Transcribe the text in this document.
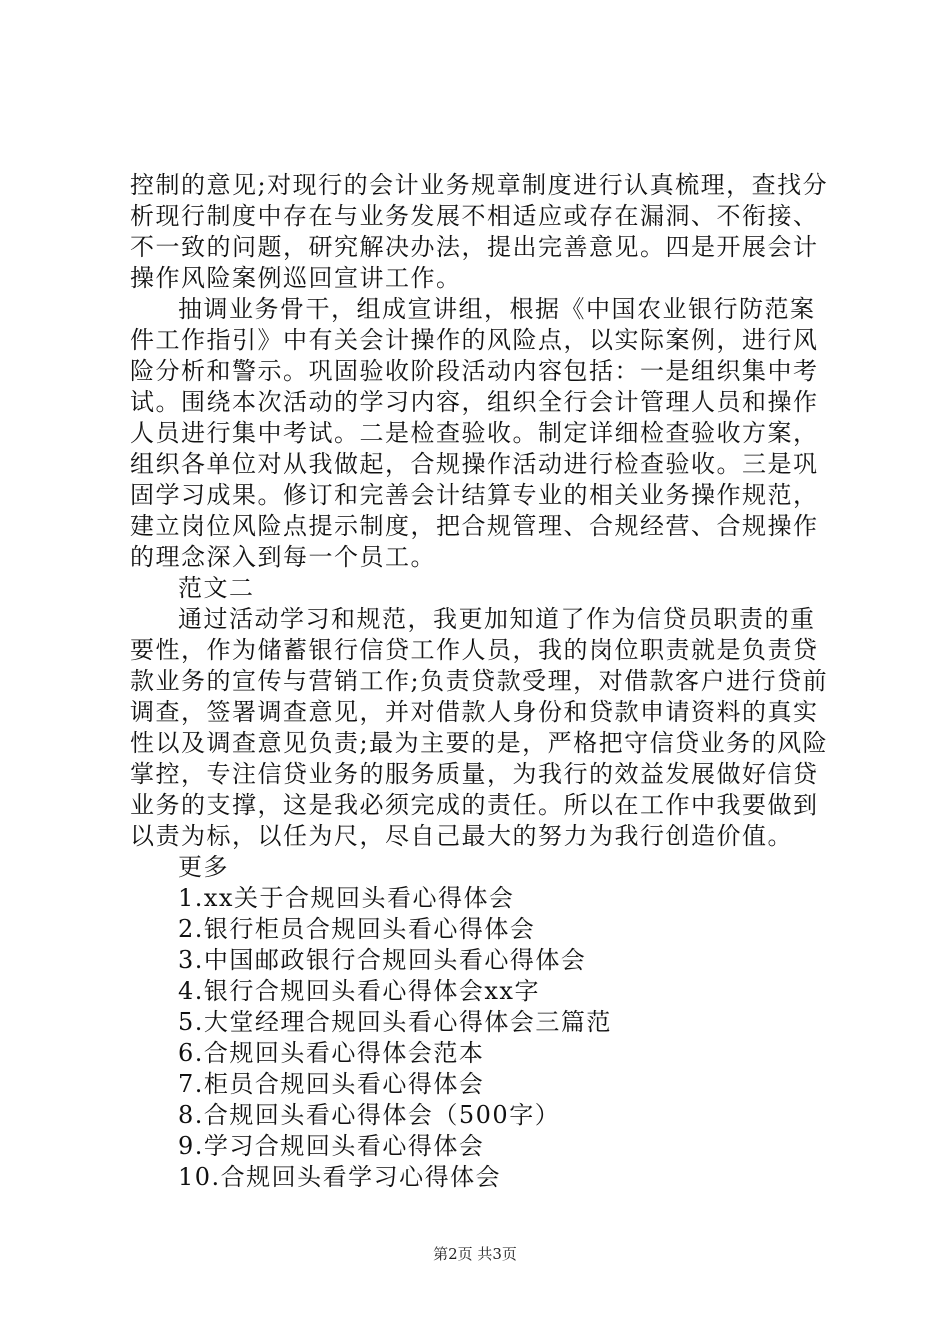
控制的意见;对现行的会计业务规章制度进行认真梳理，查找分
析现行制度中存在与业务发展不相适应或存在漏洞、不衔接、
不一致的问题，研究解决办法，提出完善意见。四是开展会计
操作风险案例巡回宣讲工作。
抽调业务骨干，组成宣讲组，根据《中国农业银行防范案
件工作指引》中有关会计操作的风险点，以实际案例，进行风
险分析和警示。巩固验收阶段活动内容包括：一是组织集中考
试。围绕本次活动的学习内容，组织全行会计管理人员和操作
人员进行集中考试。二是检查验收。制定详细检查验收方案，
组织各单位对从我做起，合规操作活动进行检查验收。三是巩
固学习成果。修订和完善会计结算专业的相关业务操作规范，
建立岗位风险点提示制度，把合规管理、合规经营、合规操作
的理念深入到每一个员工。
范文二
通过活动学习和规范，我更加知道了作为信贷员职责的重
要性，作为储蓄银行信贷工作人员，我的岗位职责就是负责贷
款业务的宣传与营销工作;负责贷款受理，对借款客户进行贷前
调查，签署调查意见，并对借款人身份和贷款申请资料的真实
性以及调查意见负责;最为主要的是，严格把守信贷业务的风险
掌控，专注信贷业务的服务质量，为我行的效益发展做好信贷
业务的支撑，这是我必须完成的责任。所以在工作中我要做到
以责为标，以任为尺，尽自己最大的努力为我行创造价值。
更多
1.xx关于合规回头看心得体会
2.银行柜员合规回头看心得体会
3.中国邮政银行合规回头看心得体会
4.银行合规回头看心得体会xx字
5.大堂经理合规回头看心得体会三篇范
6.合规回头看心得体会范本
7.柜员合规回头看心得体会
8.合规回头看心得体会（500字）
9.学习合规回头看心得体会
10.合规回头看学习心得体会
第2页 共3页
